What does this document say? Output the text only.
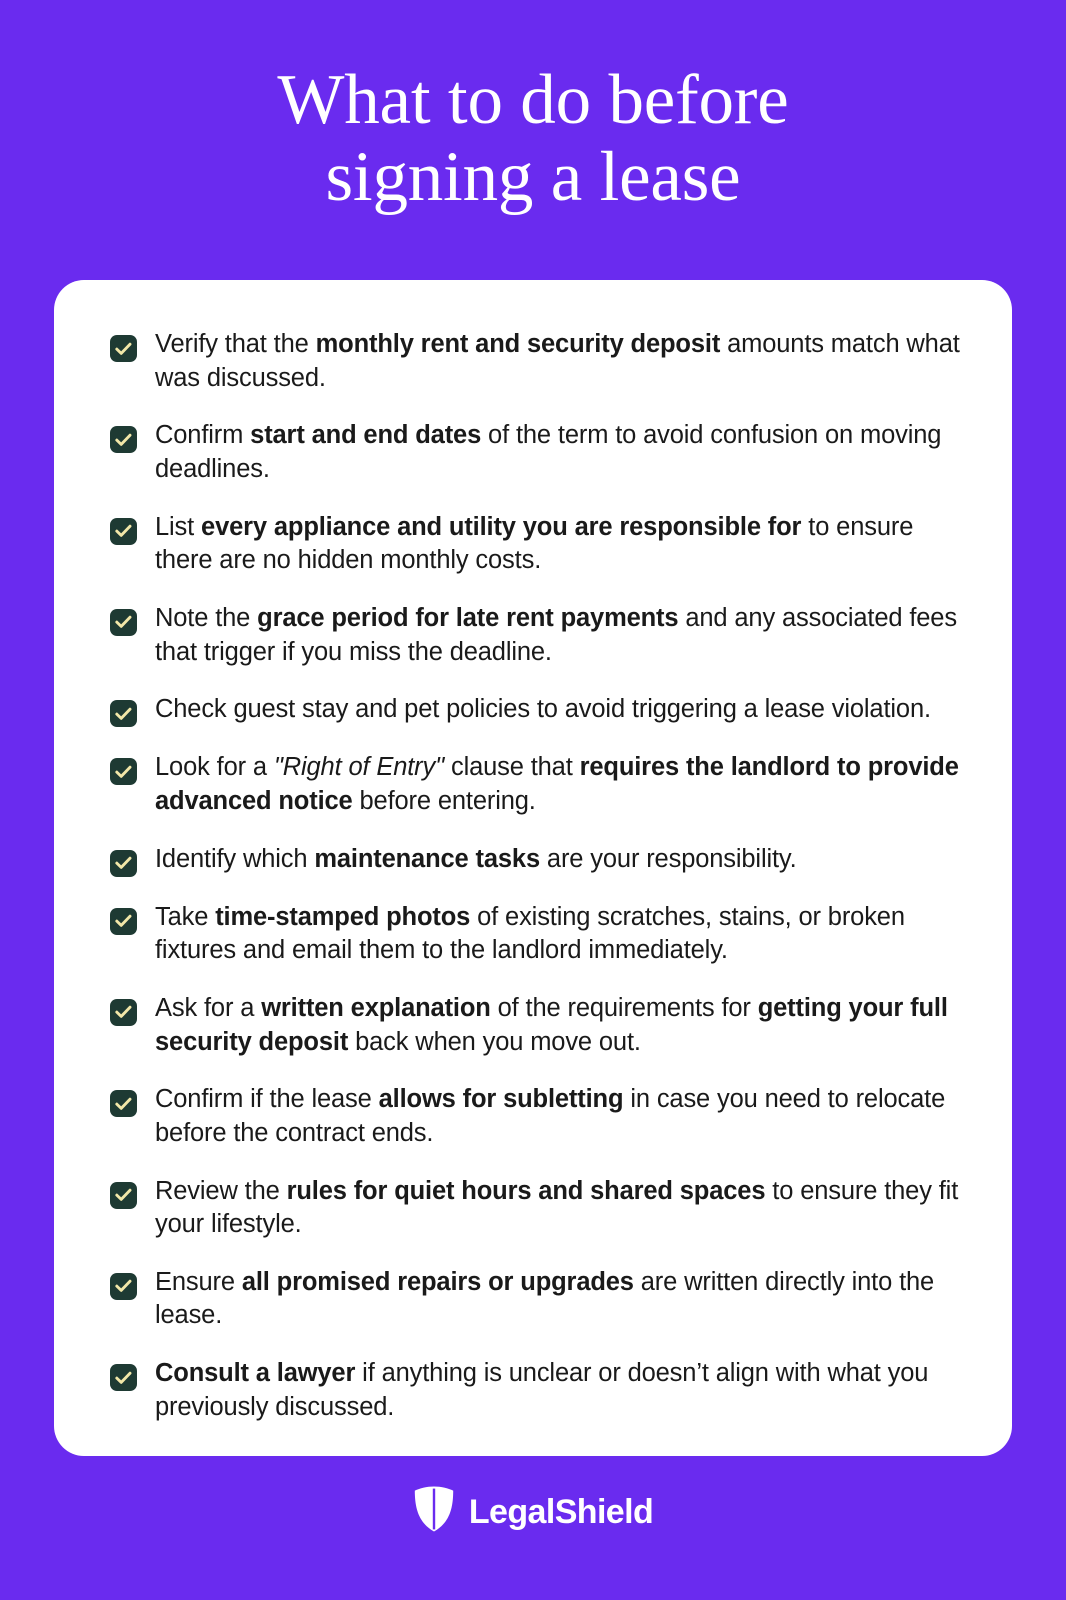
What to do before
signing a lease
Verify that the monthly rent and security deposit amounts match what was discussed.
Confirm start and end dates of the term to avoid confusion on moving deadlines.
List every appliance and utility you are responsible for to ensure there are no hidden monthly costs.
Note the grace period for late rent payments and any associated fees that trigger if you miss the deadline.
Check guest stay and pet policies to avoid triggering a lease violation.
Look for a "Right of Entry" clause that requires the landlord to provide advanced notice before entering.
Identify which maintenance tasks are your responsibility.
Take time-stamped photos of existing scratches, stains, or broken fixtures and email them to the landlord immediately.
Ask for a written explanation of the requirements for getting your full security deposit back when you move out.
Confirm if the lease allows for subletting in case you need to relocate before the contract ends.
Review the rules for quiet hours and shared spaces to ensure they fit your lifestyle.
Ensure all promised repairs or upgrades are written directly into the lease.
Consult a lawyer if anything is unclear or doesn’t align with what you previously discussed.
LegalShield
